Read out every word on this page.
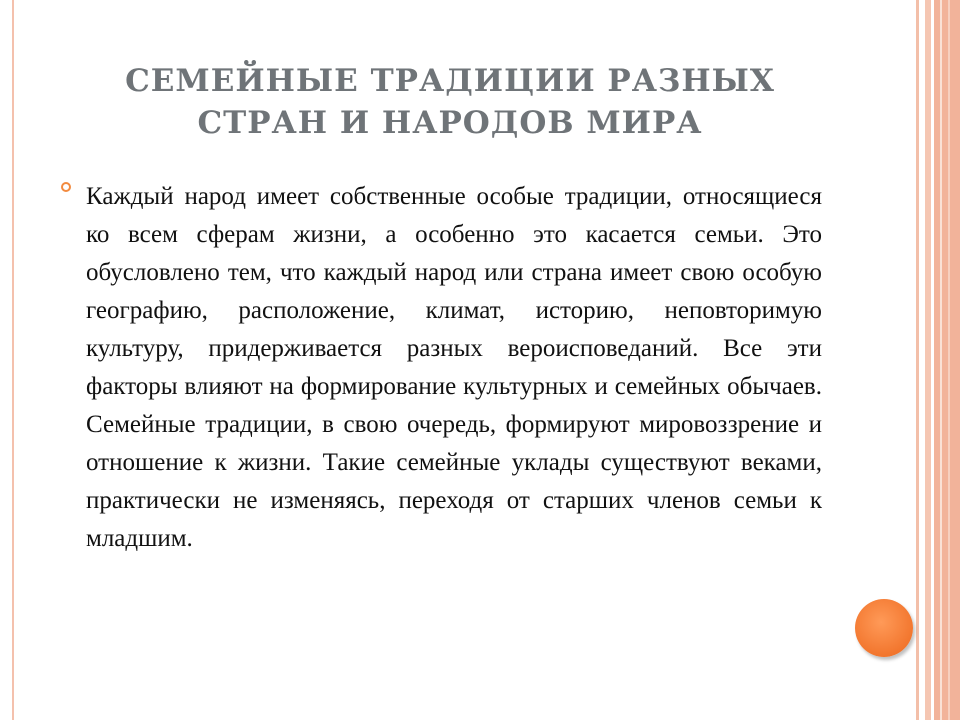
СЕМЕЙНЫЕ ТРАДИЦИИ РАЗНЫХ СТРАН И НАРОДОВ МИРА

Каждый народ имеет собственные особые традиции, относящиеся ко всем сферам жизни, а особенно это касается семьи. Это обусловлено тем, что каждый народ или страна имеет свою особую географию, расположение, климат, историю, неповторимую культуру, придерживается разных вероисповеданий. Все эти факторы влияют на формирование культурных и семейных обычаев. Семейные традиции, в свою очередь, формируют мировоззрение и отношение к жизни. Такие семейные уклады существуют веками, практически не изменяясь, переходя от старших членов семьи к младшим.
